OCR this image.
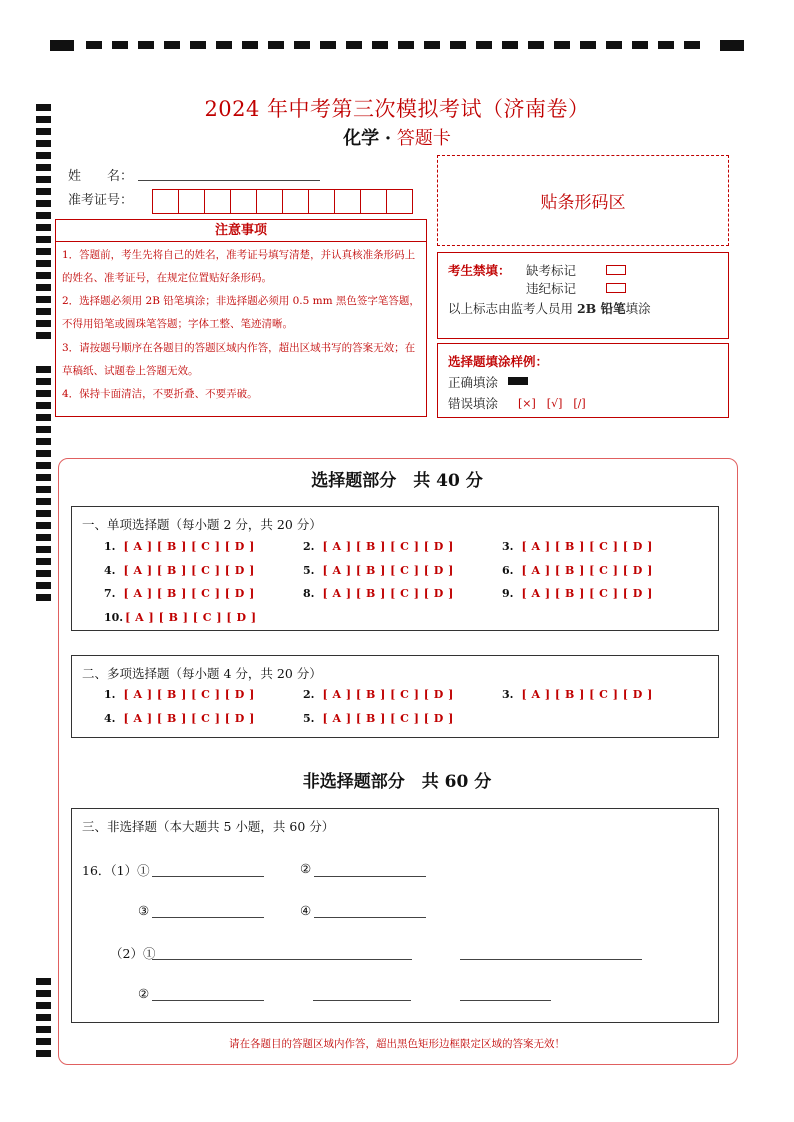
2024 年中考第三次模拟考试（济南卷）
化学 · 答题卡
姓　　名：
准考证号：	贴条形码区
注意事项
1．答题前，考生先将自己的姓名，准考证号填写清楚，并认真核准条形码上的姓名、准考证号，在规定位置贴好条形码。
2．选择题必须用 2B 铅笔填涂；非选择题必须用 0.5 mm 黑色签字笔答题，不得用铅笔或圆珠笔答题；字体工整、笔迹清晰。
3．请按题号顺序在各题目的答题区域内作答，超出区域书写的答案无效；在草稿纸、试题卷上答题无效。
4．保持卡面清洁，不要折叠、不要弄破。
考生禁填： 缺考标记
违纪标记
以上标志由监考人员用 2B 铅笔填涂
选择题填涂样例：
正确填涂
错误填涂 [×]　[√]　[/]
选择题部分　共 40 分
一、单项选择题（每小题 2 分，共 20 分）
1. [ A ] [ B ] [ C ] [ D ]	2. [ A ] [ B ] [ C ] [ D ]	3. [ A ] [ B ] [ C ] [ D ]
4. [ A ] [ B ] [ C ] [ D ]	5. [ A ] [ B ] [ C ] [ D ]	6. [ A ] [ B ] [ C ] [ D ]
7. [ A ] [ B ] [ C ] [ D ]	8. [ A ] [ B ] [ C ] [ D ]	9. [ A ] [ B ] [ C ] [ D ]
10. [ A ] [ B ] [ C ] [ D ]
二、多项选择题（每小题 4 分，共 20 分）
1. [ A ] [ B ] [ C ] [ D ]	2. [ A ] [ B ] [ C ] [ D ]	3. [ A ] [ B ] [ C ] [ D ]
4. [ A ] [ B ] [ C ] [ D ]	5. [ A ] [ B ] [ C ] [ D ]
非选择题部分　共 60 分
三、非选择题（本大题共 5 小题，共 60 分）
16．（1）①	②
③	④
（2）①
②
请在各题目的答题区域内作答，超出黑色矩形边框限定区域的答案无效！
